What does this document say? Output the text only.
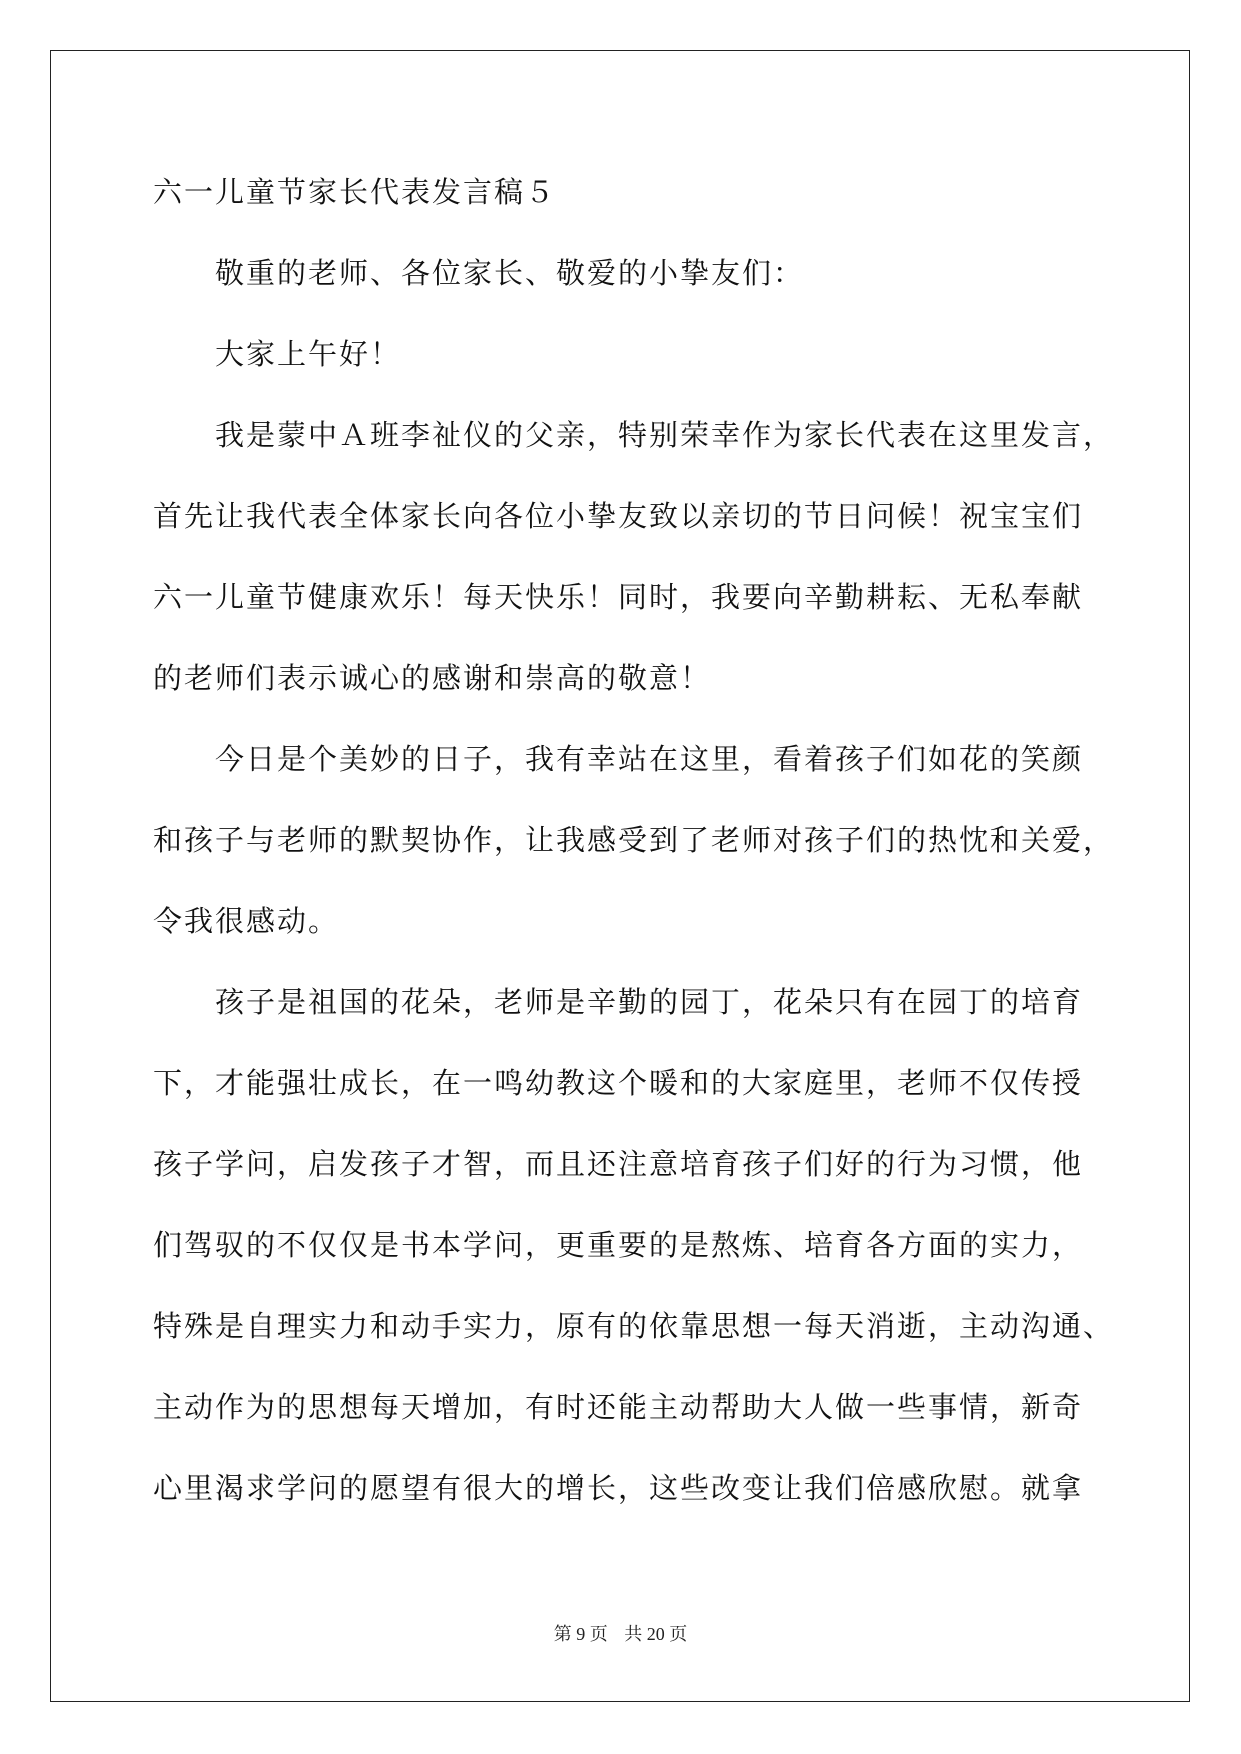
六一儿童节家长代表发言稿５
敬重的老师、各位家长、敬爱的小挚友们：
大家上午好！
我是蒙中Ａ班李祉仪的父亲，特别荣幸作为家长代表在这里发言，
首先让我代表全体家长向各位小挚友致以亲切的节日问候！祝宝宝们
六一儿童节健康欢乐！每天快乐！同时，我要向辛勤耕耘、无私奉献
的老师们表示诚心的感谢和崇高的敬意！
今日是个美妙的日子，我有幸站在这里，看着孩子们如花的笑颜
和孩子与老师的默契协作，让我感受到了老师对孩子们的热忱和关爱，
令我很感动。
孩子是祖国的花朵，老师是辛勤的园丁，花朵只有在园丁的培育
下，才能强壮成长，在一鸣幼教这个暖和的大家庭里，老师不仅传授
孩子学问，启发孩子才智，而且还注意培育孩子们好的行为习惯，他
们驾驭的不仅仅是书本学问，更重要的是熬炼、培育各方面的实力，
特殊是自理实力和动手实力，原有的依靠思想一每天消逝，主动沟通、
主动作为的思想每天增加，有时还能主动帮助大人做一些事情，新奇
心里渴求学问的愿望有很大的增长，这些改变让我们倍感欣慰。就拿
第 9 页 共 20 页
